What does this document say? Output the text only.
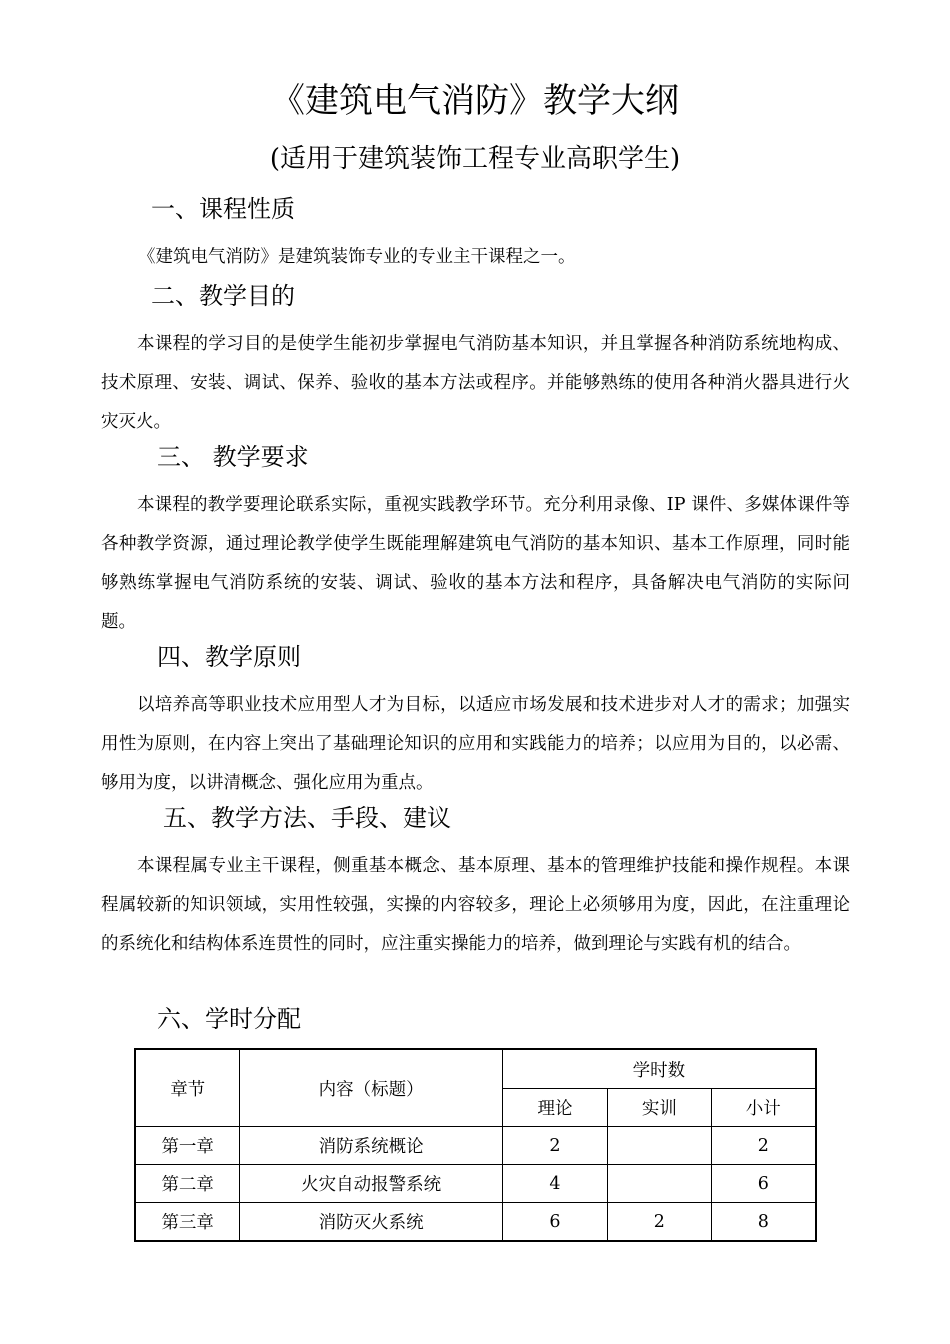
《建筑电气消防》教学大纲
(适用于建筑装饰工程专业高职学生)
一、课程性质
《建筑电气消防》是建筑装饰专业的专业主干课程之一。
二、教学目的
本课程的学习目的是使学生能初步掌握电气消防基本知识，并且掌握各种消防系统地构成、技术原理、安装、调试、保养、验收的基本方法或程序。并能够熟练的使用各种消火器具进行火灾灭火。
三、 教学要求
本课程的教学要理论联系实际，重视实践教学环节。充分利用录像、IP 课件、多媒体课件等各种教学资源，通过理论教学使学生既能理解建筑电气消防的基本知识、基本工作原理，同时能够熟练掌握电气消防系统的安装、调试、验收的基本方法和程序，具备解决电气消防的实际问题。
四、教学原则
以培养高等职业技术应用型人才为目标，以适应市场发展和技术进步对人才的需求；加强实用性为原则，在内容上突出了基础理论知识的应用和实践能力的培养；以应用为目的，以必需、够用为度，以讲清概念、强化应用为重点。
五、教学方法、手段、建议
本课程属专业主干课程，侧重基本概念、基本原理、基本的管理维护技能和操作规程。本课程属较新的知识领域，实用性较强，实操的内容较多，理论上必须够用为度，因此，在注重理论的系统化和结构体系连贯性的同时，应注重实操能力的培养，做到理论与实践有机的结合。
六、学时分配
章节	内容（标题）	学时数		
		理论	实训	小计
第一章	消防系统概论	2		2
第二章	火灾自动报警系统	4		6
第三章	消防灭火系统	6	2	8
